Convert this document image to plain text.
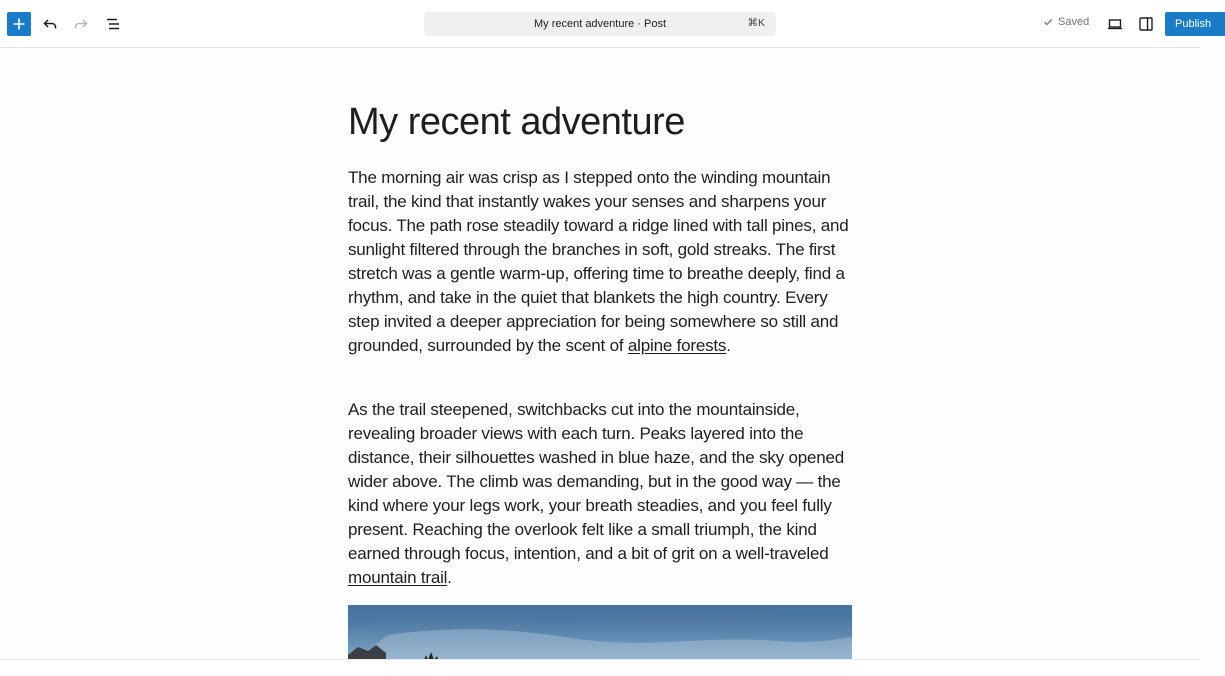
My recent adventure · Post	⌘K	Saved	Publish
My recent adventure

The morning air was crisp as I stepped onto the winding mountain trail, the kind that instantly wakes your senses and sharpens your focus. The path rose steadily toward a ridge lined with tall pines, and sunlight filtered through the branches in soft, gold streaks. The first stretch was a gentle warm-up, offering time to breathe deeply, find a rhythm, and take in the quiet that blankets the high country. Every step invited a deeper appreciation for being somewhere so still and grounded, surrounded by the scent of alpine forests.

As the trail steepened, switchbacks cut into the mountainside, revealing broader views with each turn. Peaks layered into the distance, their silhouettes washed in blue haze, and the sky opened wider above. The climb was demanding, but in the good way — the kind where your legs work, your breath steadies, and you feel fully present. Reaching the overlook felt like a small triumph, the kind earned through focus, intention, and a bit of grit on a well-traveled mountain trail.
